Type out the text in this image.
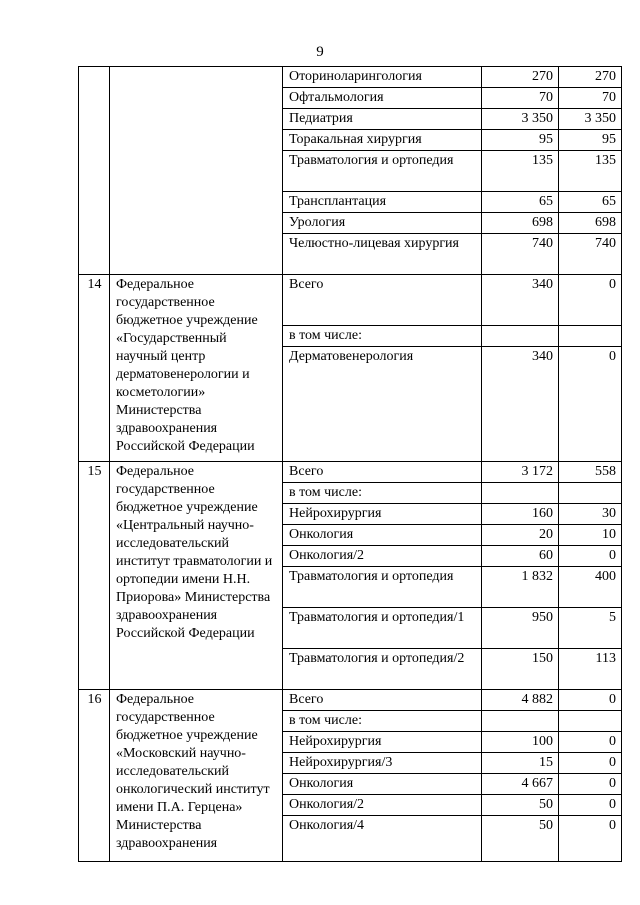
9
		Оториноларингология	270	270
		Офтальмология	70	70
		Педиатрия	3 350	3 350
		Торакальная хирургия	95	95
		Травматология и ортопедия	135	135
		Трансплантация	65	65
		Урология	698	698
		Челюстно-лицевая хирургия	740	740
14	Федеральное государственное бюджетное учреждение «Государственный научный центр дерматовенерологии и косметологии» Министерства здравоохранения Российской Федерации	Всего	340	0
		в том числе:		
		Дерматовенерология	340	0
15	Федеральное государственное бюджетное учреждение «Центральный научно-исследовательский институт травматологии и ортопедии имени Н.Н. Приорова» Министерства здравоохранения Российской Федерации	Всего	3 172	558
		в том числе:		
		Нейрохирургия	160	30
		Онкология	20	10
		Онкология/2	60	0
		Травматология и ортопедия	1 832	400
		Травматология и ортопедия/1	950	5
		Травматология и ортопедия/2	150	113
16	Федеральное государственное бюджетное учреждение «Московский научно-исследовательский онкологический институт имени П.А. Герцена» Министерства здравоохранения	Всего	4 882	0
		в том числе:		
		Нейрохирургия	100	0
		Нейрохирургия/3	15	0
		Онкология	4 667	0
		Онкология/2	50	0
		Онкология/4	50	0
